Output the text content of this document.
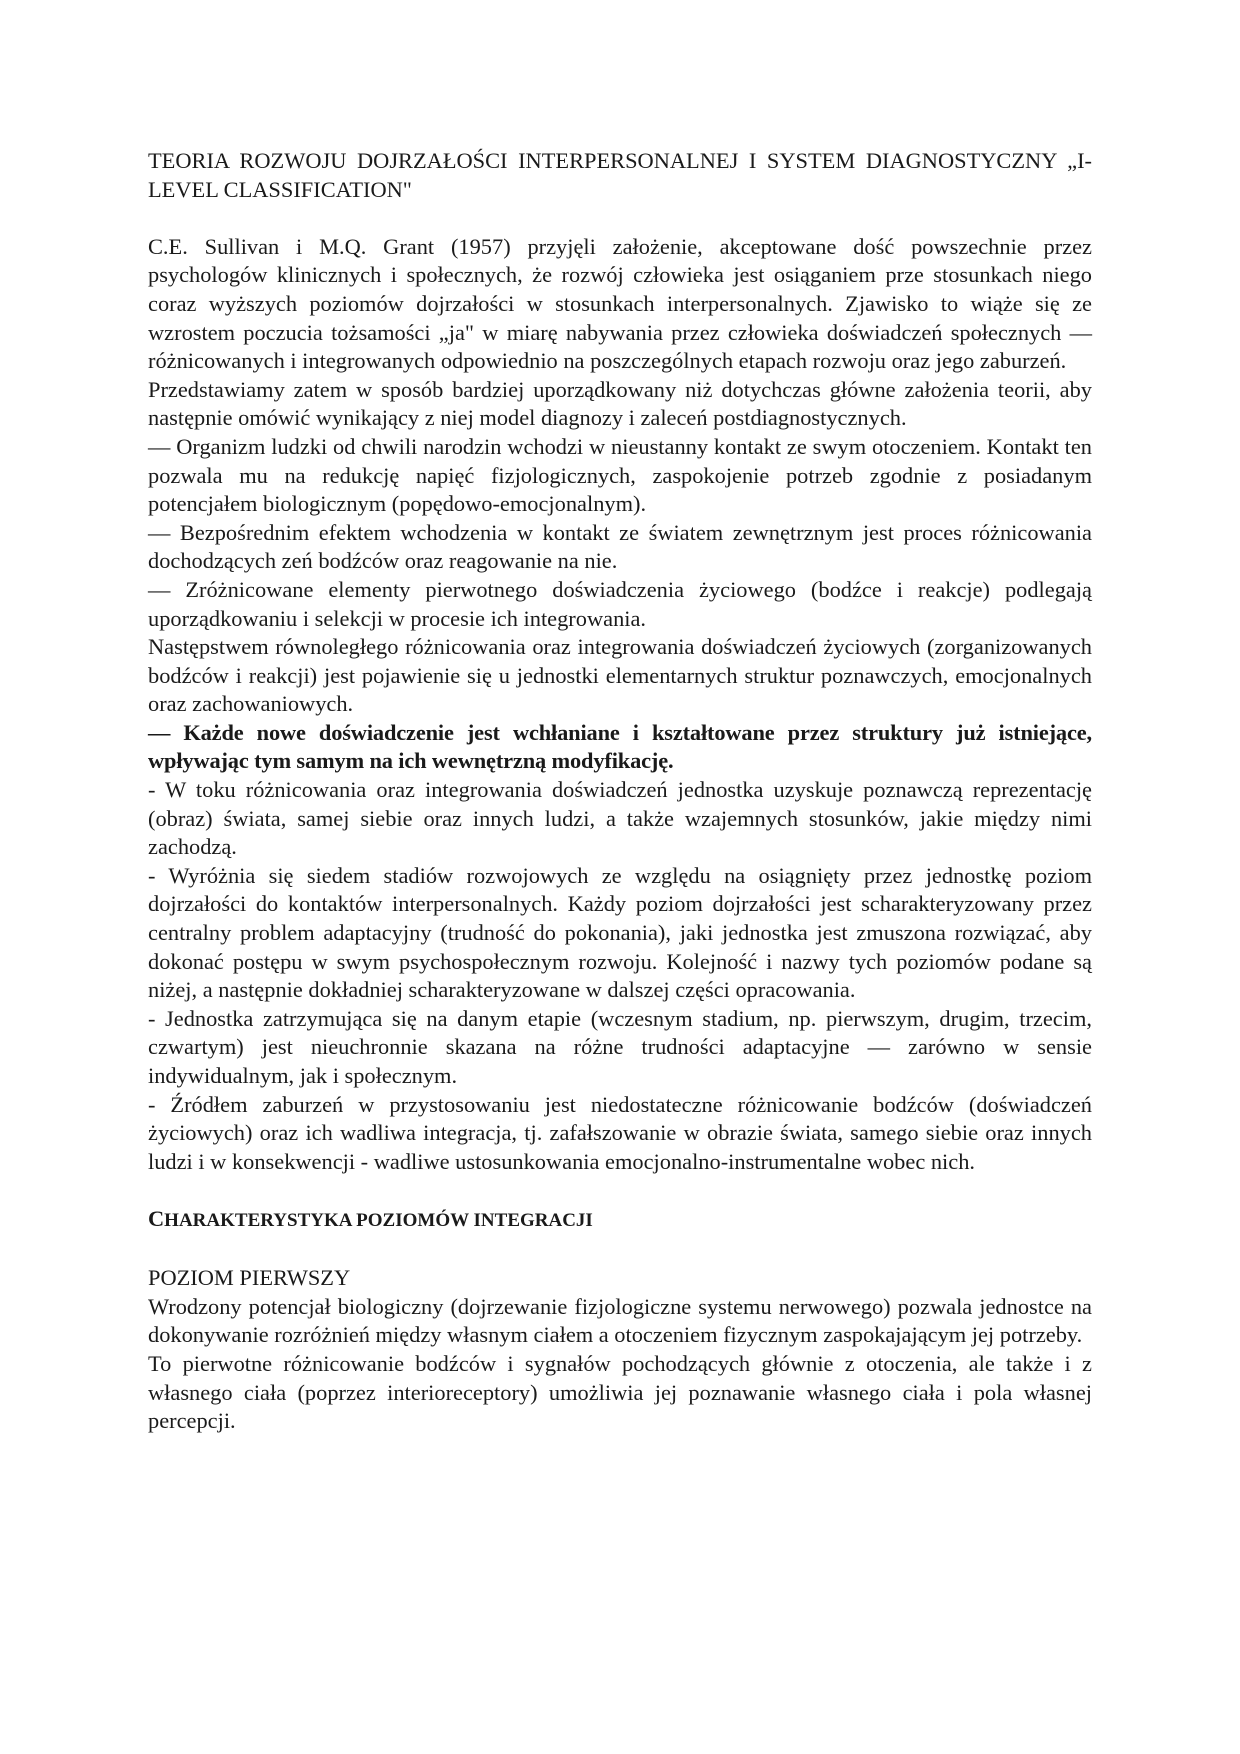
TEORIA ROZWOJU DOJRZAŁOŚCI INTERPERSONALNEJ I SYSTEM DIAGNOSTYCZNY „I-LEVEL CLASSIFICATION"

C.E. Sullivan i M.Q. Grant (1957) przyjęli założenie, akceptowane dość powszechnie przez psychologów klinicznych i społecznych, że rozwój człowieka jest osiąganiem prze stosunkach niego coraz wyższych poziomów dojrzałości w stosunkach interpersonalnych. Zjawisko to wiąże się ze wzrostem poczucia tożsamości „ja" w miarę nabywania przez człowieka doświadczeń społecznych — różnicowanych i integrowanych odpowiednio na poszczególnych etapach rozwoju oraz jego zaburzeń.

Przedstawiamy zatem w sposób bardziej uporządkowany niż dotychczas główne założenia teorii, aby następnie omówić wynikający z niej model diagnozy i zaleceń postdiagnostycznych.

— Organizm ludzki od chwili narodzin wchodzi w nieustanny kontakt ze swym otoczeniem. Kontakt ten pozwala mu na redukcję napięć fizjologicznych, zaspokojenie potrzeb zgodnie z posiadanym potencjałem biologicznym (popędowo-emocjonalnym).

— Bezpośrednim efektem wchodzenia w kontakt ze światem zewnętrznym jest proces różnicowania dochodzących zeń bodźców oraz reagowanie na nie.

— Zróżnicowane elementy pierwotnego doświadczenia życiowego (bodźce i reakcje) podlegają uporządkowaniu i selekcji w procesie ich integrowania.

Następstwem równoległego różnicowania oraz integrowania doświadczeń życiowych (zorganizowanych bodźców i reakcji) jest pojawienie się u jednostki elementarnych struktur poznawczych, emocjonalnych oraz zachowaniowych.

— Każde nowe doświadczenie jest wchłaniane i kształtowane przez struktury już istniejące, wpływając tym samym na ich wewnętrzną modyfikację.

- W toku różnicowania oraz integrowania doświadczeń jednostka uzyskuje poznawczą reprezentację (obraz) świata, samej siebie oraz innych ludzi, a także wzajemnych stosunków, jakie między nimi zachodzą.

- Wyróżnia się siedem stadiów rozwojowych ze względu na osiągnięty przez jednostkę poziom dojrzałości do kontaktów interpersonalnych. Każdy poziom dojrzałości jest scharakteryzowany przez centralny problem adaptacyjny (trudność do pokonania), jaki jednostka jest zmuszona rozwiązać, aby dokonać postępu w swym psychospołecznym rozwoju. Kolejność i nazwy tych poziomów podane są niżej, a następnie dokładniej scharakteryzowane w dalszej części opracowania.

- Jednostka zatrzymująca się na danym etapie (wczesnym stadium, np. pierwszym, drugim, trzecim, czwartym) jest nieuchronnie skazana na różne trudności adaptacyjne — zarówno w sensie indywidualnym, jak i społecznym.

- Źródłem zaburzeń w przystosowaniu jest niedostateczne różnicowanie bodźców (doświadczeń życiowych) oraz ich wadliwa integracja, tj. zafałszowanie w obrazie świata, samego siebie oraz innych ludzi i w konsekwencji - wadliwe ustosunkowania emocjonalno-instrumentalne wobec nich.

CHARAKTERYSTYKA POZIOMÓW INTEGRACJI
POZIOM PIERWSZY

Wrodzony potencjał biologiczny (dojrzewanie fizjologiczne systemu nerwowego) pozwala jednostce na dokonywanie rozróżnień między własnym ciałem a otoczeniem fizycznym zaspokajającym jej potrzeby.

To pierwotne różnicowanie bodźców i sygnałów pochodzących głównie z otoczenia, ale także i z własnego ciała (poprzez interioreceptory) umożliwia jej poznawanie własnego ciała i pola własnej percepcji.
